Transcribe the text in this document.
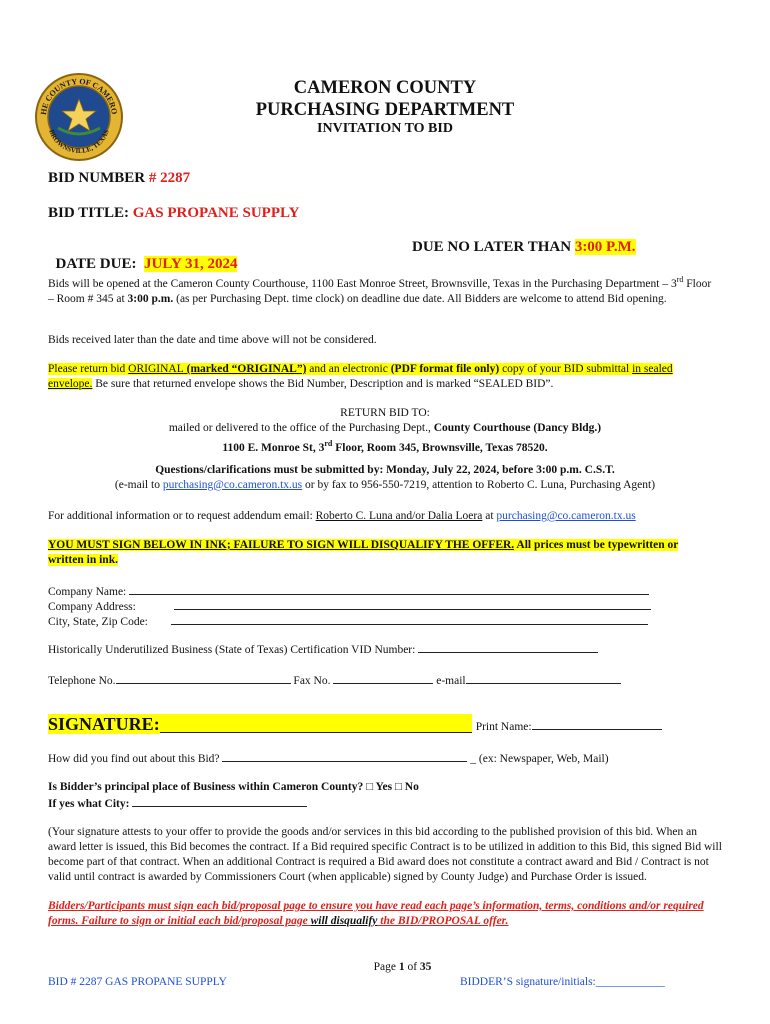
HE COUNTY OF CAMERO
BROWNSVILLE, TEXAS
CAMERON COUNTY
PURCHASING DEPARTMENT
INVITATION TO BID
BID NUMBER # 2287
BID TITLE: GAS PROPANE SUPPLY

DATE DUE:  JULY 31, 2024

DUE NO LATER THAN 3:00 P.M.
Bids will be opened at the Cameron County Courthouse, 1100 East Monroe Street, Brownsville, Texas in the Purchasing Department – 3rd Floor – Room # 345 at 3:00 p.m. (as per Purchasing Dept. time clock) on deadline due date. All Bidders are welcome to attend Bid opening.
Bids received later than the date and time above will not be considered.
Please return bid ORIGINAL (marked “ORIGINAL”) and an electronic (PDF format file only) copy of your BID submittal in sealed envelope. Be sure that returned envelope shows the Bid Number, Description and is marked “SEALED BID”.
RETURN BID TO:
mailed or delivered to the office of the Purchasing Dept., County Courthouse (Dancy Bldg.)
1100 E. Monroe St, 3rd Floor, Room 345, Brownsville, Texas 78520.
Questions/clarifications must be submitted by: Monday, July 22, 2024, before 3:00 p.m. C.S.T.
(e-mail to purchasing@co.cameron.tx.us or by fax to 956-550-7219, attention to Roberto C. Luna, Purchasing Agent)
For additional information or to request addendum email: Roberto C. Luna and/or Dalia Loera at purchasing@co.cameron.tx.us
YOU MUST SIGN BELOW IN INK; FAILURE TO SIGN WILL DISQUALIFY THE OFFER. All prices must be typewritten or written in ink.
Company Name:
Company Address:
City, State, Zip Code:
Historically Underutilized Business (State of Texas) Certification VID Number:
Telephone No.	Fax No.	e-mail
SIGNATURE:	Print Name:
How did you find out about this Bid?	_ (ex: Newspaper, Web, Mail)
Is Bidder’s principal place of Business within Cameron County? □ Yes □ No
If yes what City:
(Your signature attests to your offer to provide the goods and/or services in this bid according to the published provision of this bid. When an award letter is issued, this Bid becomes the contract. If a Bid required specific Contract is to be utilized in addition to this Bid, this signed Bid will become part of that contract. When an additional Contract is required a Bid award does not constitute a contract award and Bid / Contract is not valid until contract is awarded by Commissioners Court (when applicable) signed by County Judge) and Purchase Order is issued.
Bidders/Participants must sign each bid/proposal page to ensure you have read each page’s information, terms, conditions and/or required forms. Failure to sign or initial each bid/proposal page will disqualify the BID/PROPOSAL offer.
Page 1 of 35
BID # 2287 GAS PROPANE SUPPLY	BIDDER’S signature/initials:____________
